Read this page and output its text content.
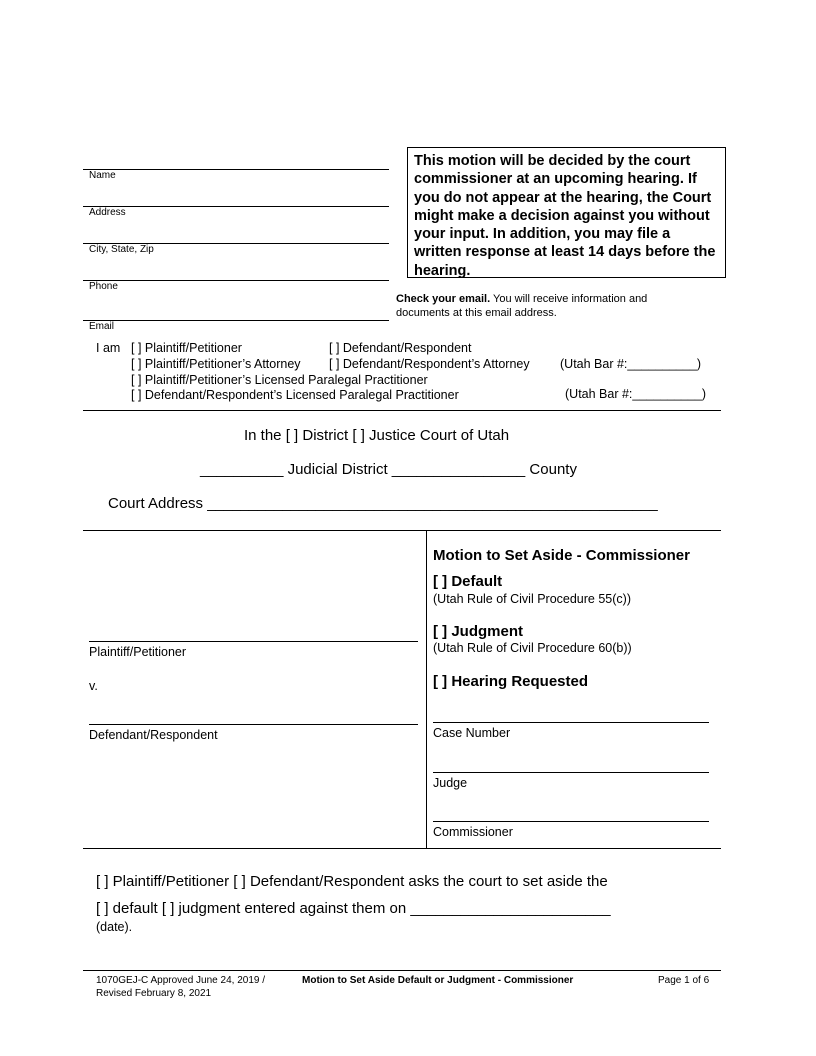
Name
Address
City, State, Zip
Phone
Email
This motion will be decided by the court commissioner at an upcoming hearing. If you do not appear at the hearing, the Court might make a decision against you without your input. In addition, you may file a written response at least 14 days before the hearing.
Check your email. You will receive information and documents at this email address.
I am [ ] Plaintiff/Petitioner	[ ] Defendant/Respondent
[ ] Plaintiff/Petitioner’s Attorney [ ] Defendant/Respondent’s Attorney (Utah Bar #:__________)
[ ] Plaintiff/Petitioner’s Licensed Paralegal Practitioner
[ ] Defendant/Respondent’s Licensed Paralegal Practitioner	(Utah Bar #:__________)
In the [ ] District [ ] Justice Court of Utah
__________ Judicial District ________________ County
Court Address ______________________________________________________
Plaintiff/Petitioner
v.
Defendant/Respondent
Motion to Set Aside - Commissioner
[ ] Default
(Utah Rule of Civil Procedure 55(c))
[ ] Judgment
(Utah Rule of Civil Procedure 60(b))
[ ] Hearing Requested
Case Number
Judge
Commissioner
[ ] Plaintiff/Petitioner [ ] Defendant/Respondent asks the court to set aside the
[ ] default [ ] judgment entered against them on ________________________
(date).
1070GEJ-C Approved June 24, 2019 /
Revised February 8, 2021
Motion to Set Aside Default or Judgment - Commissioner	Page 1 of 6
